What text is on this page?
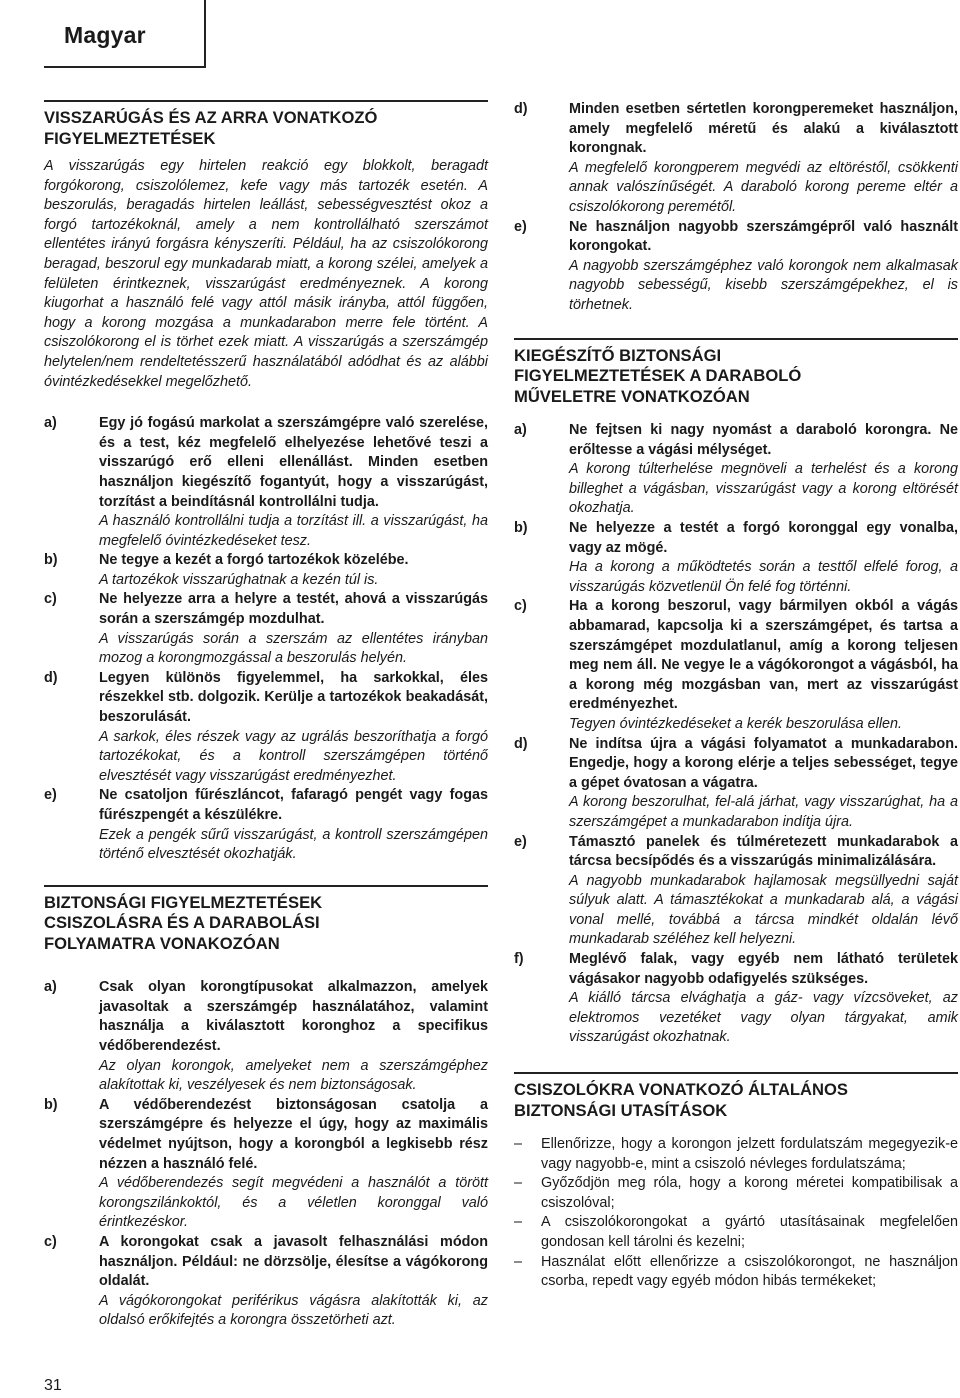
Magyar
VISSZARÚGÁS ÉS AZ ARRA VONATKOZÓ
FIGYELMEZTETÉSEK

A visszarúgás egy hirtelen reakció egy blokkolt, beragadt forgókorong, csiszolólemez, kefe vagy más tartozék esetén. A beszorulás, beragadás hirtelen leállást, sebességvesztést okoz a forgó tartozékoknál, amely a nem kontrollálható szerszámot ellentétes irányú forgásra kényszeríti. Például, ha az csiszolókorong beragad, beszorul egy munkadarab miatt, a korong szélei, amelyek a felületen érintkeznek, visszarúgást eredményeznek. A korong kiugorhat a használó felé vagy attól másik irányba, attól függően, hogy a korong mozgása a munkadarabon merre fele történt. A csiszolókorong el is törhet ezek miatt. A visszarúgás a szerszámgép helytelen/nem rendeltetésszerű használatából adódhat és az alábbi óvintézkedésekkel megelőzhető.

a)	Egy jó fogású markolat a szerszámgépre való szerelése, és a test, kéz megfelelő elhelyezése lehetővé teszi a visszarúgó erő elleni ellenállást. Minden esetben használjon kiegészítő fogantyút, hogy a visszarúgást, torzítást a beindításnál kontrollálni tudja.

A használó kontrollálni tudja a torzítást ill. a visszarúgást, ha megfelelő óvintézkedéseket tesz.

b)	Ne tegye a kezét a forgó tartozékok közelébe.

A tartozékok visszarúghatnak a kezén túl is.

c)	Ne helyezze arra a helyre a testét, ahová a visszarúgás során a szerszámgép mozdulhat.

A visszarúgás során a szerszám az ellentétes irányban mozog a korongmozgással a beszorulás helyén.

d)	Legyen különös figyelemmel, ha sarkokkal, éles részekkel stb. dolgozik. Kerülje a tartozékok beakadását, beszorulását.

A sarkok, éles részek vagy az ugrálás beszoríthatja a forgó tartozékokat, és a kontroll szerszámgépen történő elvesztését vagy visszarúgást eredményezhet.

e)	Ne csatoljon fűrészláncot, fafaragó pengét vagy fogas fűrészpengét a készülékre.

Ezek a pengék sűrű visszarúgást, a kontroll szerszámgépen történő elvesztését okozhatják.

BIZTONSÁGI FIGYELMEZTETÉSEK
CSISZOLÁSRA ÉS A DARABOLÁSI
FOLYAMATRA VONAKOZÓAN
a)	Csak olyan korongtípusokat alkalmazzon, amelyek javasoltak a szerszámgép használatához, valamint használja a kiválasztott koronghoz a specifikus védőberendezést.

Az olyan korongok, amelyeket nem a szerszámgéphez alakítottak ki, veszélyesek és nem biztonságosak.

b)	A védőberendezést biztonságosan csatolja a szerszámgépre és helyezze el úgy, hogy az maximális védelmet nyújtson, hogy a korongból a legkisebb rész nézzen a használó felé.

A védőberendezés segít megvédeni a használót a törött korongszilánkoktól, és a véletlen koronggal való érintkezéskor.

c)	A korongokat csak a javasolt felhasználási módon használjon. Például: ne dörzsölje, élesítse a vágókorong oldalát.

A vágókorongokat periférikus vágásra alakították ki, az oldalsó erőkifejtés a korongra összetörheti azt.

d)	Minden esetben sértetlen korongperemeket használjon, amely megfelelő méretű és alakú a kiválasztott korongnak.

A megfelelő korongperem megvédi az eltöréstől, csökkenti annak valószínűségét. A daraboló korong pereme eltér a csiszolókorong peremétől.

e)	Ne használjon nagyobb szerszámgépről való használt korongokat.

A nagyobb szerszámgéphez való korongok nem alkalmasak nagyobb sebességű, kisebb szerszámgépekhez, el is törhetnek.

KIEGÉSZÍTŐ BIZTONSÁGI
FIGYELMEZTETÉSEK A DARABOLÓ
MŰVELETRE VONATKOZÓAN
a)	Ne fejtsen ki nagy nyomást a daraboló korongra. Ne erőltesse a vágási mélységet.

A korong túlterhelése megnöveli a terhelést és a korong billeghet a vágásban, visszarúgást vagy a korong eltörését okozhatja.

b)	Ne helyezze a testét a forgó koronggal egy vonalba, vagy az mögé.

Ha a korong a működtetés során a testtől elfelé forog, a visszarúgás közvetlenül Ön felé fog történni.

c)	Ha a korong beszorul, vagy bármilyen okból a vágás abbamarad, kapcsolja ki a szerszámgépet, és tartsa a szerszámgépet mozdulatlanul, amíg a korong teljesen meg nem áll. Ne vegye le a vágókorongot a vágásból, ha a korong még mozgásban van, mert az visszarúgást eredményezhet.

Tegyen óvintézkedéseket a kerék beszorulása ellen.

d)	Ne indítsa újra a vágási folyamatot a munkadarabon. Engedje, hogy a korong elérje a teljes sebességet, tegye a gépet óvatosan a vágatra.

A korong beszorulhat, fel-alá járhat, vagy visszarúghat, ha a szerszámgépet a munkadarabon indítja újra.

e)	Támasztó panelek és túlméretezett munkadarabok a tárcsa becsípődés és a visszarúgás minimalizálására.

A nagyobb munkadarabok hajlamosak megsüllyedni saját súlyuk alatt. A támasztékokat a munkadarab alá, a vágási vonal mellé, továbbá a tárcsa mindkét oldalán lévő munkadarab széléhez kell helyezni.

f)	Meglévő falak, vagy egyéb nem látható területek vágásakor nagyobb odafigyelés szükséges.

A kiálló tárcsa elvághatja a gáz- vagy vízcsöveket, az elektromos vezetéket vagy olyan tárgyakat, amik visszarúgást okozhatnak.

CSISZOLÓKRA VONATKOZÓ ÁLTALÁNOS
BIZTONSÁGI UTASÍTÁSOK
– Ellenőrizze, hogy a korongon jelzett fordulatszám megegyezik-e vagy nagyobb-e, mint a csiszoló névleges fordulatszáma;

– Győződjön meg róla, hogy a korong méretei kompatibilisak a csiszolóval;

– A csiszolókorongokat a gyártó utasításainak megfelelően gondosan kell tárolni és kezelni;

– Használat előtt ellenőrizze a csiszolókorongot, ne használjon csorba, repedt vagy egyéb módon hibás termékeket;

31
